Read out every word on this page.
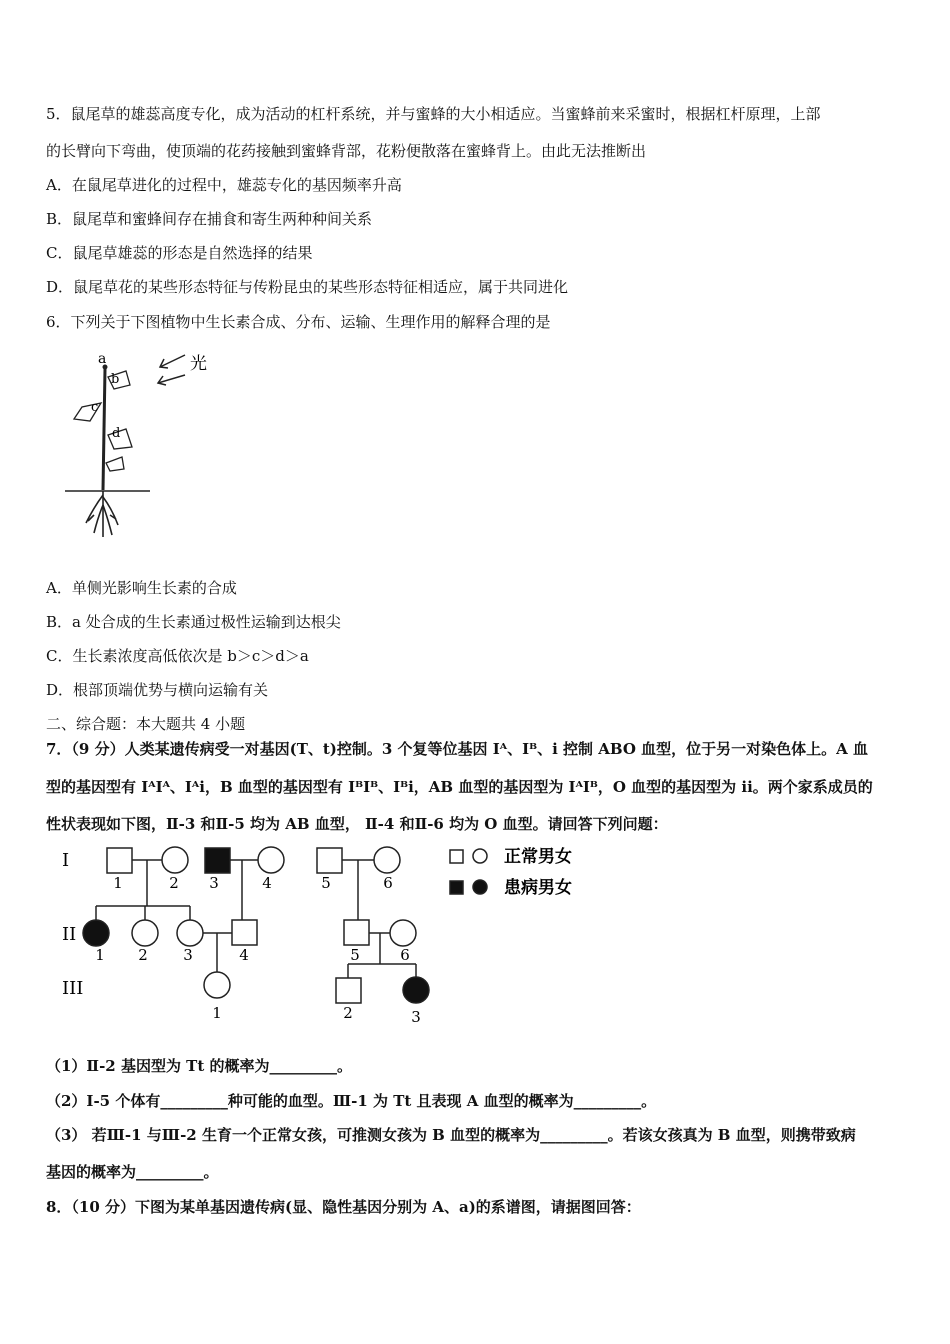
5．鼠尾草的雄蕊高度专化，成为活动的杠杆系统，并与蜜蜂的大小相适应。当蜜蜂前来采蜜时，根据杠杆原理，上部
的长臂向下弯曲，使顶端的花药接触到蜜蜂背部，花粉便散落在蜜蜂背上。由此无法推断出
A．在鼠尾草进化的过程中，雄蕊专化的基因频率升高
B．鼠尾草和蜜蜂间存在捕食和寄生两种种间关系
C．鼠尾草雄蕊的形态是自然选择的结果
D．鼠尾草花的某些形态特征与传粉昆虫的某些形态特征相适应，属于共同进化
6．下列关于下图植物中生长素合成、分布、运输、生理作用的解释合理的是
光
a
b
c
d
A．单侧光影响生长素的合成
B．a 处合成的生长素通过极性运输到达根尖
C．生长素浓度高低依次是 b＞c＞d＞a
D．根部顶端优势与横向运输有关
二、综合题：本大题共 4 小题
7．（9 分）人类某遗传病受一对基因(T、t)控制。3 个复等位基因 Iᴬ、Iᴮ、i 控制 ABO 血型，位于另一对染色体上。A 血
型的基因型有 IᴬIᴬ、Iᴬi，B 血型的基因型有 IᴮIᴮ、Iᴮi，AB 血型的基因型为 IᴬIᴮ，O 血型的基因型为 ii。两个家系成员的
性状表现如下图，Ⅱ-3 和Ⅱ-5 均为 AB 血型， Ⅱ-4 和Ⅱ-6 均为 O 血型。请回答下列问题：
I
II
III
1	2 3	4	5	6
1 2 3	4	5	6
1	2	3
正常男女
患病男女
（1）Ⅱ-2 基因型为 Tt 的概率为_________。
（2）Ⅰ-5 个体有_________种可能的血型。Ⅲ-1 为 Tt 且表现 A 血型的概率为_________。
（3） 若Ⅲ-1 与Ⅲ-2 生育一个正常女孩，可推测女孩为 B 血型的概率为_________。若该女孩真为 B 血型，则携带致病
基因的概率为_________。
8．（10 分）下图为某单基因遗传病(显、隐性基因分别为 A、a)的系谱图，请据图回答：
